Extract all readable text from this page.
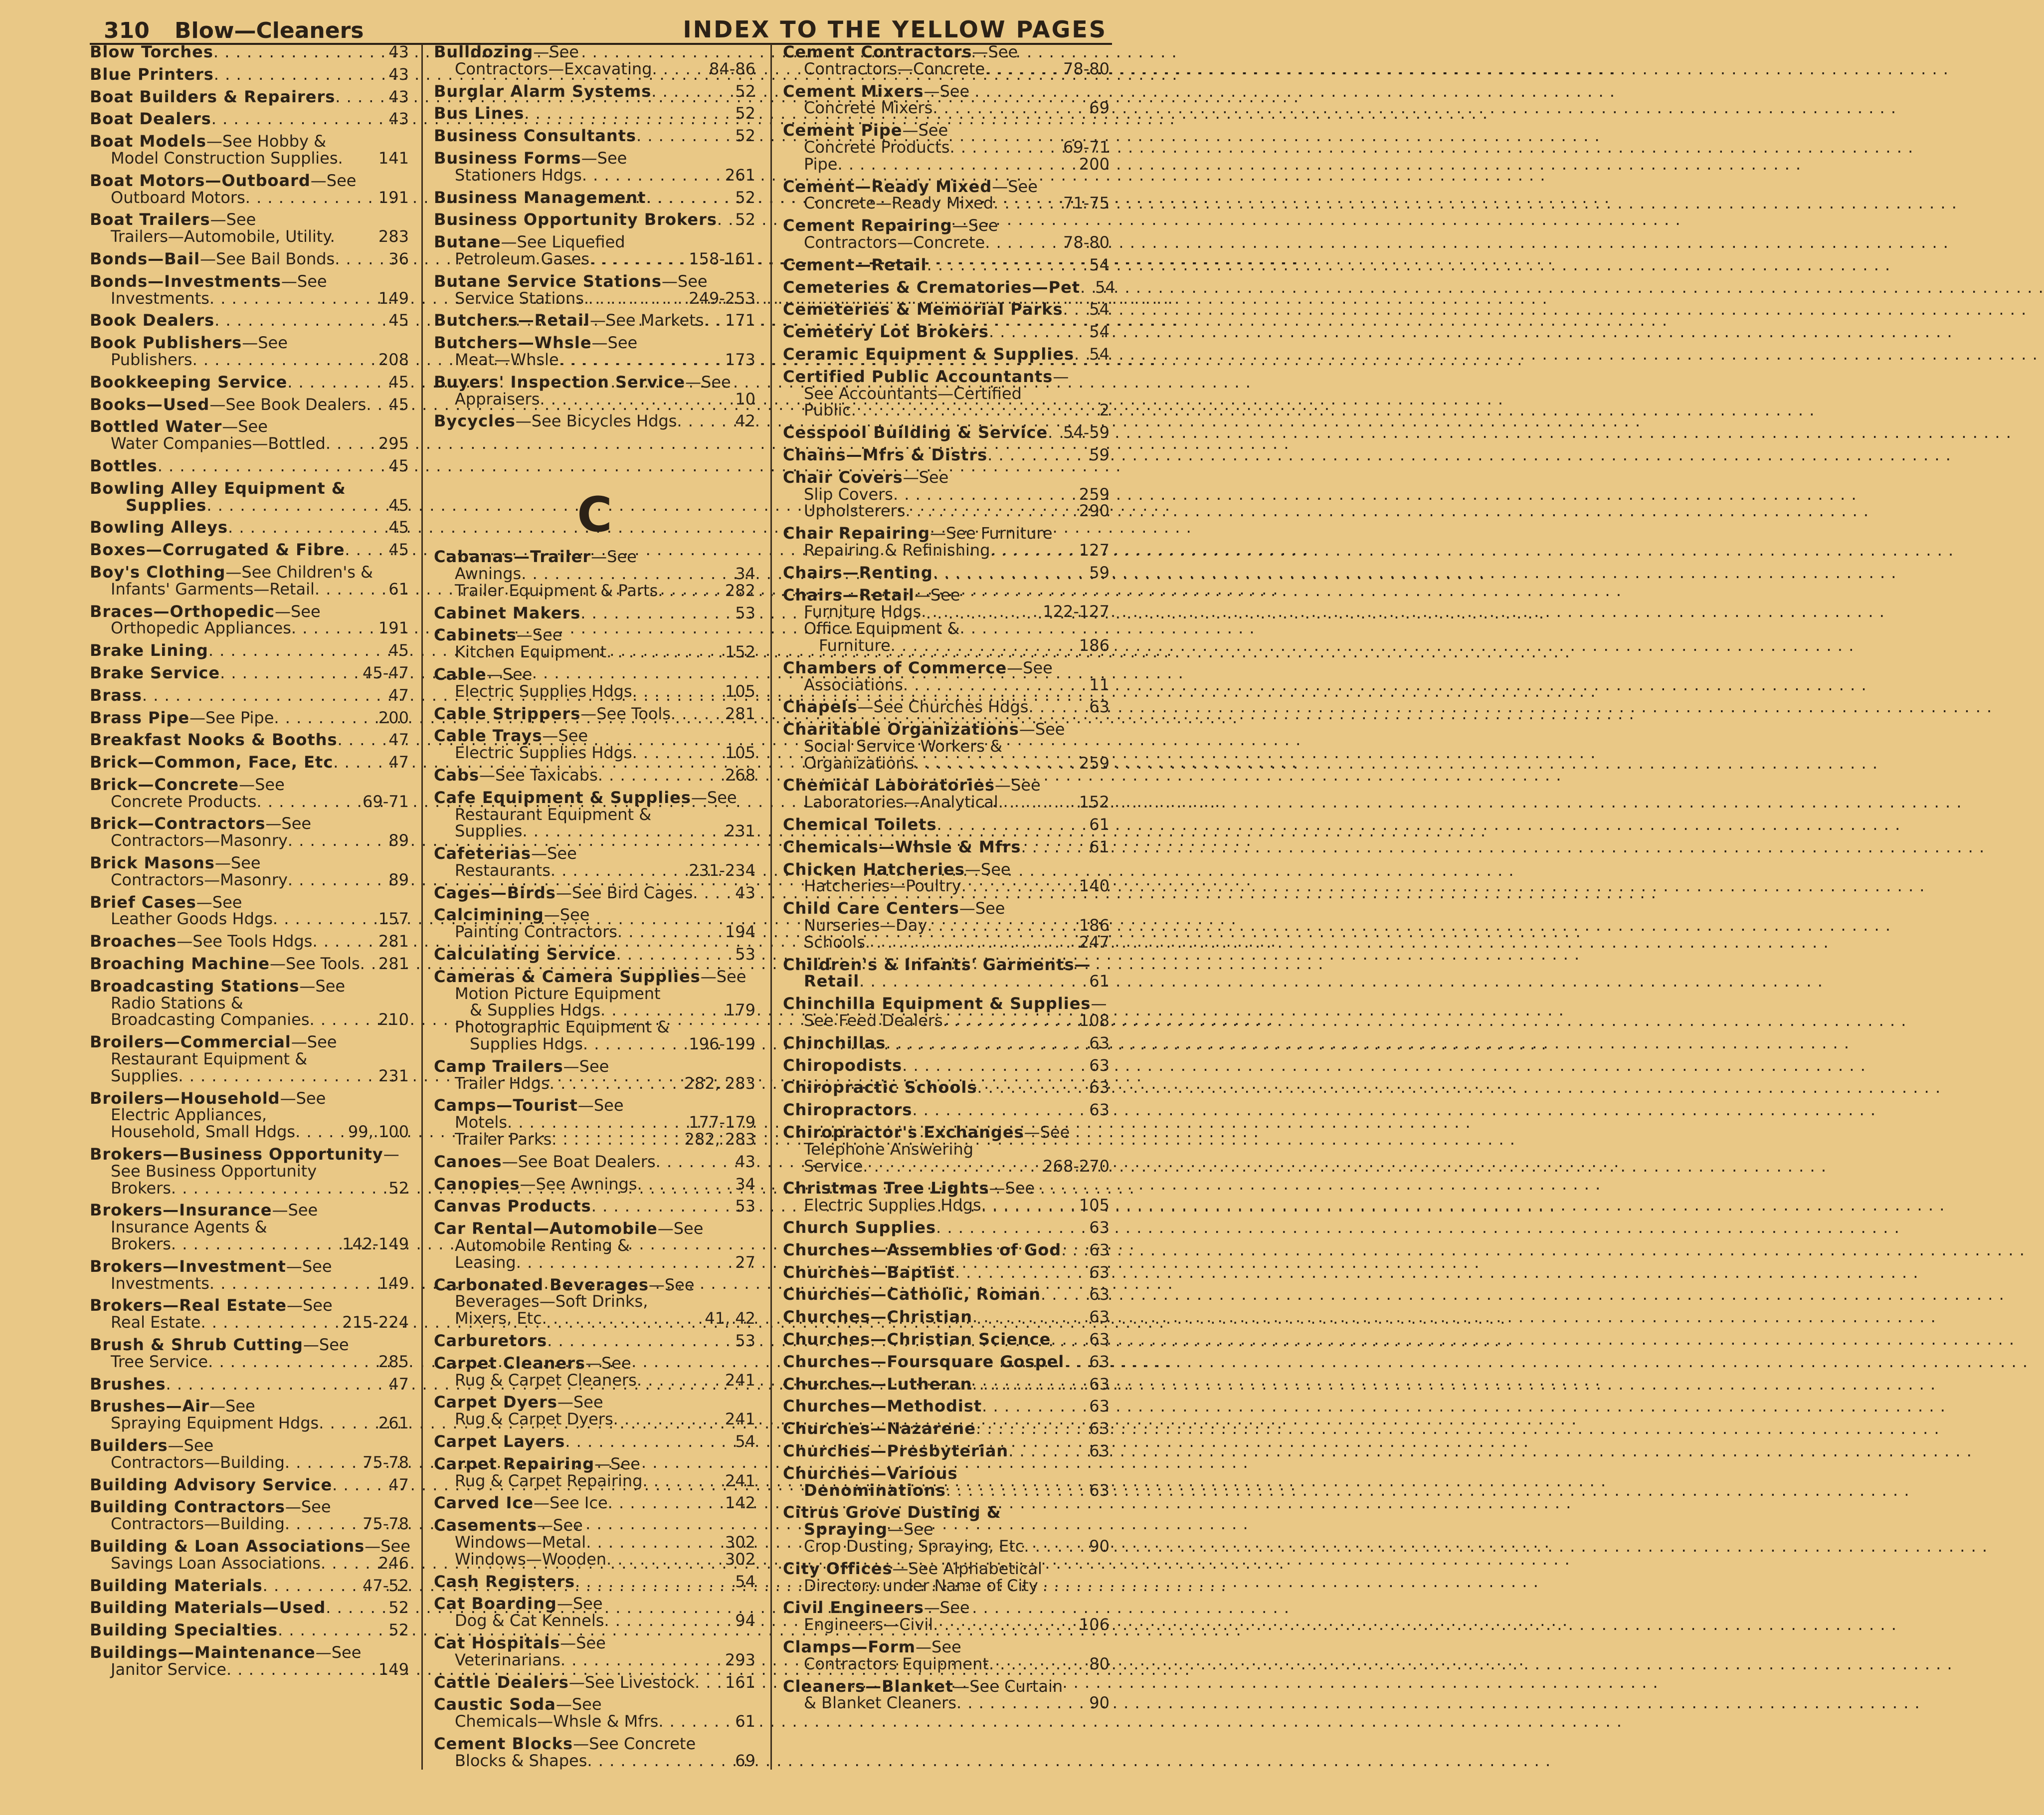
310 Blow—Cleaners	INDEX TO THE YELLOW PAGES
Blow Torches . . .	43
Blue Printers . . .	43
Boat Builders & Repairers . . .	43
Boat Dealers . . .	43
Boat Models —See Hobby &
Model Construction Supplies. 141
Boat Motors—Outboard —See
Outboard Motors . . .	191
Boat Trailers —See
Trailers—Automobile, Utility.	283
Bonds—Bail —See Bail Bonds . . .	36
Bonds—Investments —See
Investments . . .	149
Book Dealers . . .	45
Book Publishers —See
Publishers . . .	208
Bookkeeping Service . . .	45
Books—Used —See Book Dealers . . . 45
Bottled Water —See
Water Companies—Bottled . . .	295
Bottles . . .	45
Bowling Alley Equipment &
Supplies . . .	45
Bowling Alleys . . .	45
Boxes—Corrugated & Fibre . . .	45
Boy's Clothing —See Children's &
Infants' Garments—Retail . . .	61
Braces—Orthopedic —See
Orthopedic Appliances . . .	191
Brake Lining . . .	45
Brake Service . . .	45-47
Brass . . .	47
Brass Pipe —See Pipe . . .	200
Breakfast Nooks & Booths . . .	47
Brick—Common, Face, Etc . . .	47
Brick—Concrete —See
Concrete Products . . .	69-71
Brick—Contractors —See
Contractors—Masonry . . .	89
Brick Masons —See
Contractors—Masonry . . .	89
Brief Cases —See
Leather Goods Hdgs . . .	157
Broaches —See Tools Hdgs . . .	281
Broaching Machine —See Tools . . . 281
Broadcasting Stations —See
Radio Stations &
Broadcasting Companies . . .	210
Broilers—Commercial —See
Restaurant Equipment &
Supplies . . .	231
Broilers—Household —See
Electric Appliances,
Household, Small Hdgs . . .	99, 100
Brokers—Business Opportunity —
See Business Opportunity
Brokers . . .	52
Brokers—Insurance —See
Insurance Agents &
Brokers . . .	142-149
Brokers—Investment —See
Investments . . .	149
Brokers—Real Estate —See
Real Estate . . .	215-224
Brush & Shrub Cutting —See
Tree Service . . .	285
Brushes . . .	47
Brushes—Air —See
Spraying Equipment Hdgs . . .	261
Builders —See
Contractors—Building . . .	75-78
Building Advisory Service . . .	47
Building Contractors —See
Contractors—Building . . .	75-78
Building & Loan Associations —See
Savings Loan Associations . . .	246
Building Materials . . .	47-52
Building Materials—Used . . .	52
Building Specialties . . .	52
Buildings—Maintenance —See
Janitor Service . . .	149
Bulldozing —See
Contractors—Excavating . . .	84-86
Burglar Alarm Systems . . .	52
Bus Lines . . .	52
Business Consultants . . .	52
Business Forms —See
Stationers Hdgs . . .	261
Business Management . . .	52
Business Opportunity Brokers . . . 52
Butane —See Liquefied
Petroleum Gases . . .	158-161
Butane Service Stations —See
Service Stations . . .	249-253
Butchers—Retail —See Markets . . . 171
Butchers—Whsle —See
Meat—Whsle . . .	173
Buyers' Inspection Service —See
Appraisers . . .	10
Bycycles —See Bicycles Hdgs . . .	42
C
Cabanas—Trailer —See
Awnings . . .	34
Trailer Equipment & Parts . . .	282
Cabinet Makers . . .	53
Cabinets —See
Kitchen Equipment . . .	152
Cable —See
Electric Supplies Hdgs . . .	105
Cable Strippers —See Tools . . .	281
Cable Trays —See
Electric Supplies Hdgs . . .	105
Cabs —See Taxicabs . . .	268
Cafe Equipment & Supplies —See
Restaurant Equipment &
Supplies . . .	231
Cafeterias —See
Restaurants . . .	231-234
Cages—Birds —See Bird Cages . . .	43
Calcimining —See
Painting Contractors . . .	194
Calculating Service . . .	53
Cameras & Camera Supplies —See
Motion Picture Equipment
& Supplies Hdgs . . .	179
Photographic Equipment &
Supplies Hdgs . . .	196-199
Camp Trailers —See
Trailer Hdgs . . .	282, 283
Camps—Tourist —See
Motels . . .	177-179
Trailer Parks . . .	282, 283
Canoes —See Boat Dealers . . .	43
Canopies —See Awnings . . .	34
Canvas Products . . .	53
Car Rental—Automobile —See
Automobile Renting &
Leasing . . .	27
Carbonated Beverages —See
Beverages—Soft Drinks,
Mixers, Etc . . .	41, 42
Carburetors . . .	53
Carpet Cleaners —See
Rug & Carpet Cleaners . . .	241
Carpet Dyers —See
Rug & Carpet Dyers . . .	241
Carpet Layers . . .	54
Carpet Repairing —See
Rug & Carpet Repairing . . .	241
Carved Ice —See Ice . . .	142
Casements —See
Windows—Metal . . .	302
Windows—Wooden . . .	302
Cash Registers . . .	54
Cat Boarding —See
Dog & Cat Kennels . . .	94
Cat Hospitals —See
Veterinarians . . .	293
Cattle Dealers —See Livestock . . . 161
Caustic Soda —See
Chemicals—Whsle & Mfrs . . .	61
Cement Blocks —See Concrete
Blocks & Shapes . . .	69
Cement Contractors —See
Contractors—Concrete . . .	78-80
Cement Mixers —See
Concrete Mixers . . .	69
Cement Pipe —See
Concrete Products . . .	69-71
Pipe . . .	200
Cement—Ready Mixed —See
Concrete—Ready Mixed . . .	71-75
Cement Repairing —See
Contractors—Concrete . . .	78-80
Cement—Retail . . .	54
Cemeteries & Crematories—Pet . . . 54
Cemeteries & Memorial Parks . . . 54
Cemetery Lot Brokers . . .	54
Ceramic Equipment & Supplies . . . 54
Certified Public Accountants —
See Accountants—Certified
Public . . .	2
Cesspool Building & Service . . . 54-59
Chains—Mfrs & Distrs . . .	59
Chair Covers —See
Slip Covers . . .	259
Upholsterers . . .	290
Chair Repairing —See Furniture
Repairing & Refinishing . . .	127
Chairs—Renting . . .	59
Chairs—Retail —See
Furniture Hdgs . . .	122-127
Office Equipment &
Furniture . . .	186
Chambers of Commerce —See
Associations . . .	11
Chapels —See Churches Hdgs . . .	63
Charitable Organizations —See
Social Service Workers &
Organizations . . .	259
Chemical Laboratories —See
Laboratories—Analytical . . .	152
Chemical Toilets . . .	61
Chemicals—Whsle & Mfrs . . .	61
Chicken Hatcheries —See
Hatcheries—Poultry . . .	140
Child Care Centers —See
Nurseries—Day . . .	186
Schools . . .	247
Children's & Infants' Garments—
Retail . . .	61
Chinchilla Equipment & Supplies —
See Feed Dealers . . .	108
Chinchillas . . .	63
Chiropodists . . .	63
Chiropractic Schools . . .	63
Chiropractors . . .	63
Chiropractor's Exchanges —See
Telephone Answering
Service . . .	268-270
Christmas Tree Lights —See
Electric Supplies Hdgs . . .	105
Church Supplies . . .	63
Churches—Assemblies of God . . . 63
Churches—Baptist . . .	63
Churches—Catholic, Roman . . .	63
Churches—Christian . . .	63
Churches—Christian Science . . . 63
Churches—Foursquare Gospel . . . 63
Churches—Lutheran . . .	63
Churches—Methodist . . .	63
Churches—Nazarene . . .	63
Churches—Presbyterian . . .	63
Churches—Various
Denominations . . .	63
Citrus Grove Dusting &
Spraying —See
Crop Dusting, Spraying, Etc . . .	90
City Offices —See Alphabetical
Directory under Name of City
Civil Engineers —See
Engineers—Civil . . .	106
Clamps—Form —See
Contractors Equipment . . .	80
Cleaners—Blanket —See Curtain
& Blanket Cleaners . . .	90
